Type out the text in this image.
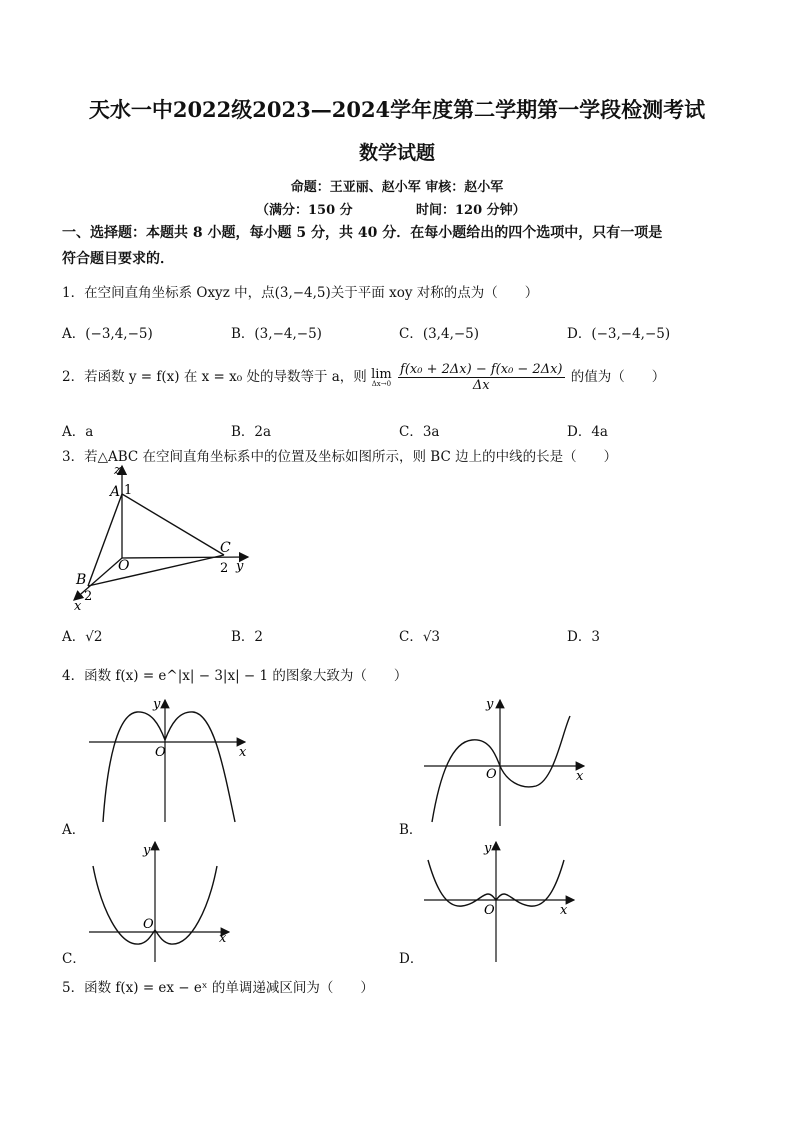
天水一中2022级2023—2024学年度第二学期第一学段检测考试
数学试题
命题：王亚丽、赵小军 审核：赵小军
（满分：150 分	时间：120 分钟）
一、选择题：本题共 8 小题，每小题 5 分，共 40 分．在每小题给出的四个选项中，只有一项是
符合题目要求的．
1．在空间直角坐标系 Oxyz 中，点(3,−4,5)关于平面 xoy 对称的点为（　　）
A．(−3,4,−5)	B．(3,−4,−5)	C．(3,4,−5)	D．(−3,−4,−5)
2．若函数 y = f(x) 在 x = x₀ 处的导数等于 a，则 lim
Δx→0
$\frac{\text{f(x₀ + 2Δx) − f(x₀ − 2Δx)}}{\Delta x}$ 的值为（　　）
A．a	B．2a	C．3a	D．4a
3．若△ABC 在空间直角坐标系中的位置及坐标如图所示，则 BC 边上的中线的长是（　　）
z
A 1
C
O	2 y
B
2
x
A．√2	B．2	C．√3	D．3
4．函数 f(x) = e^|x| − 3|x| − 1 的图象大致为（　　）
O	x
y
A．
O	x
y
B．
O
x
y
C．
O	x
y
D．
5．函数 f(x) = ex − eˣ 的单调递减区间为（　　）
